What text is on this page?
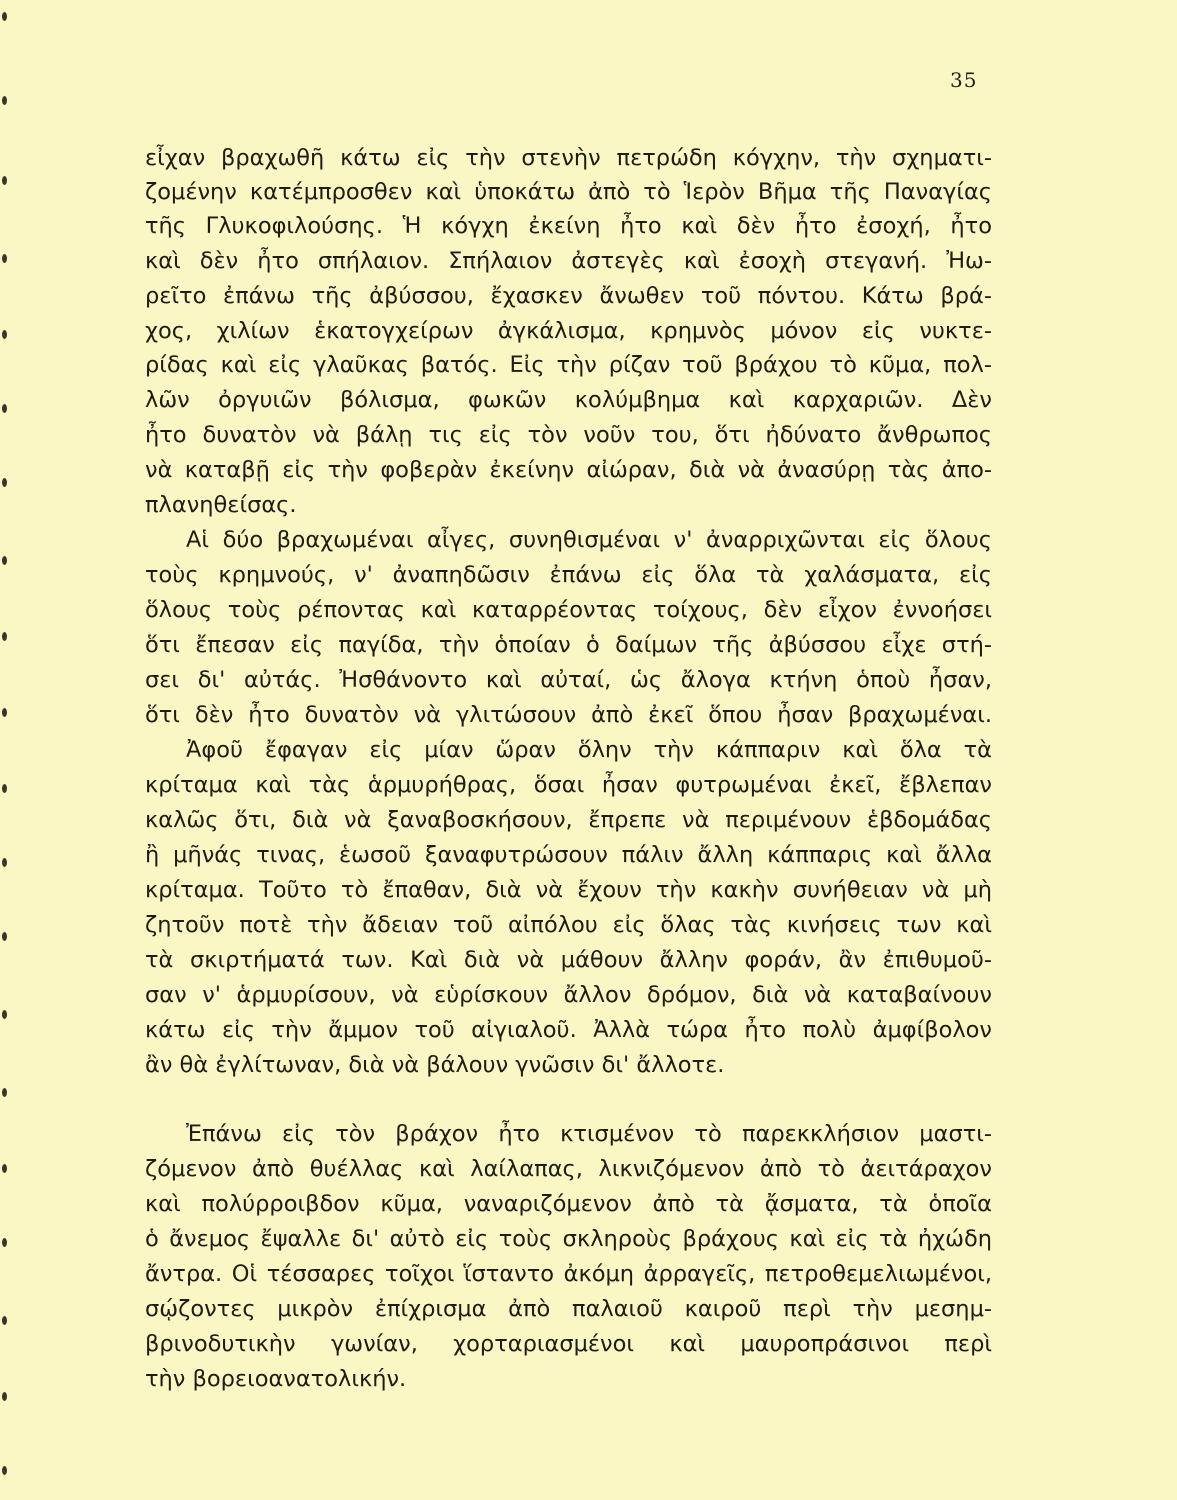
35
εἶχαν βραχωθῆ κάτω εἰς τὴν στενὴν πετρώδη κόγχην, τὴν σχηματι-
ζομένην κατέμπροσθεν καὶ ὑποκάτω ἀπὸ τὸ Ἱερὸν Βῆμα τῆς Παναγίας
τῆς Γλυκοφιλούσης. Ἡ κόγχη ἐκείνη ἦτο καὶ δὲν ἦτο ἐσοχή, ἦτο
καὶ δὲν ἦτο σπήλαιον. Σπήλαιον ἀστεγὲς καὶ ἐσοχὴ στεγανή. Ἠω-
ρεῖτο ἐπάνω τῆς ἀβύσσου, ἔχασκεν ἄνωθεν τοῦ πόντου. Κάτω βρά-
χος, χιλίων ἑκατογχείρων ἀγκάλισμα, κρημνὸς μόνον εἰς νυκτε-
ρίδας καὶ εἰς γλαῦκας βατός. Εἰς τὴν ρίζαν τοῦ βράχου τὸ κῦμα, πολ-
λῶν ὀργυιῶν βόλισμα, φωκῶν κολύμβημα καὶ καρχαριῶν. Δὲν
ἦτο δυνατὸν νὰ βάλῃ τις εἰς τὸν νοῦν του, ὅτι ἠδύνατο ἄνθρωπος
νὰ καταβῇ εἰς τὴν φοβερὰν ἐκείνην αἰώραν, διὰ νὰ ἀνασύρῃ τὰς ἀπο-
πλανηθείσας.
Αἱ δύο βραχωμέναι αἶγες, συνηθισμέναι ν' ἀναρριχῶνται εἰς ὅλους
τοὺς κρημνούς, ν' ἀναπηδῶσιν ἐπάνω εἰς ὅλα τὰ χαλάσματα, εἰς
ὅλους τοὺς ρέποντας καὶ καταρρέοντας τοίχους, δὲν εἶχον ἐννοήσει
ὅτι ἔπεσαν εἰς παγίδα, τὴν ὁποίαν ὁ δαίμων τῆς ἀβύσσου εἶχε στή-
σει δι' αὐτάς. Ἠσθάνοντο καὶ αὐταί, ὡς ἄλογα κτήνη ὁποὺ ἦσαν,
ὅτι δὲν ἦτο δυνατὸν νὰ γλιτώσουν ἀπὸ ἐκεῖ ὅπου ἦσαν βραχωμέναι.
Ἀφοῦ ἔφαγαν εἰς μίαν ὥραν ὅλην τὴν κάππαριν καὶ ὅλα τὰ
κρίταμα καὶ τὰς ἁρμυρήθρας, ὅσαι ἦσαν φυτρωμέναι ἐκεῖ, ἔβλεπαν
καλῶς ὅτι, διὰ νὰ ξαναβοσκήσουν, ἔπρεπε νὰ περιμένουν ἑβδομάδας
ἢ μῆνάς τινας, ἑωσοῦ ξαναφυτρώσουν πάλιν ἄλλη κάππαρις καὶ ἄλλα
κρίταμα. Τοῦτο τὸ ἔπαθαν, διὰ νὰ ἔχουν τὴν κακὴν συνήθειαν νὰ μὴ
ζητοῦν ποτὲ τὴν ἄδειαν τοῦ αἰπόλου εἰς ὅλας τὰς κινήσεις των καὶ
τὰ σκιρτήματά των. Καὶ διὰ νὰ μάθουν ἄλλην φοράν, ἂν ἐπιθυμοῦ-
σαν ν' ἁρμυρίσουν, νὰ εὑρίσκουν ἄλλον δρόμον, διὰ νὰ καταβαίνουν
κάτω εἰς τὴν ἄμμον τοῦ αἰγιαλοῦ. Ἀλλὰ τώρα ἦτο πολὺ ἀμφίβολον
ἂν θὰ ἐγλίτωναν, διὰ νὰ βάλουν γνῶσιν δι' ἄλλοτε.
Ἐπάνω εἰς τὸν βράχον ἦτο κτισμένον τὸ παρεκκλήσιον μαστι-
ζόμενον ἀπὸ θυέλλας καὶ λαίλαπας, λικνιζόμενον ἀπὸ τὸ ἀειτάραχον
καὶ πολύρροιβδον κῦμα, ναναριζόμενον ἀπὸ τὰ ᾄσματα, τὰ ὁποῖα
ὁ ἄνεμος ἔψαλλε δι' αὐτὸ εἰς τοὺς σκληροὺς βράχους καὶ εἰς τὰ ἠχώδη
ἄντρα. Οἱ τέσσαρες τοῖχοι ἵσταντο ἀκόμη ἀρραγεῖς, πετροθεμελιωμένοι,
σῴζοντες μικρὸν ἐπίχρισμα ἀπὸ παλαιοῦ καιροῦ περὶ τὴν μεσημ-
βρινοδυτικὴν γωνίαν, χορταριασμένοι καὶ μαυροπράσινοι περὶ
τὴν βορειοανατολικήν.
